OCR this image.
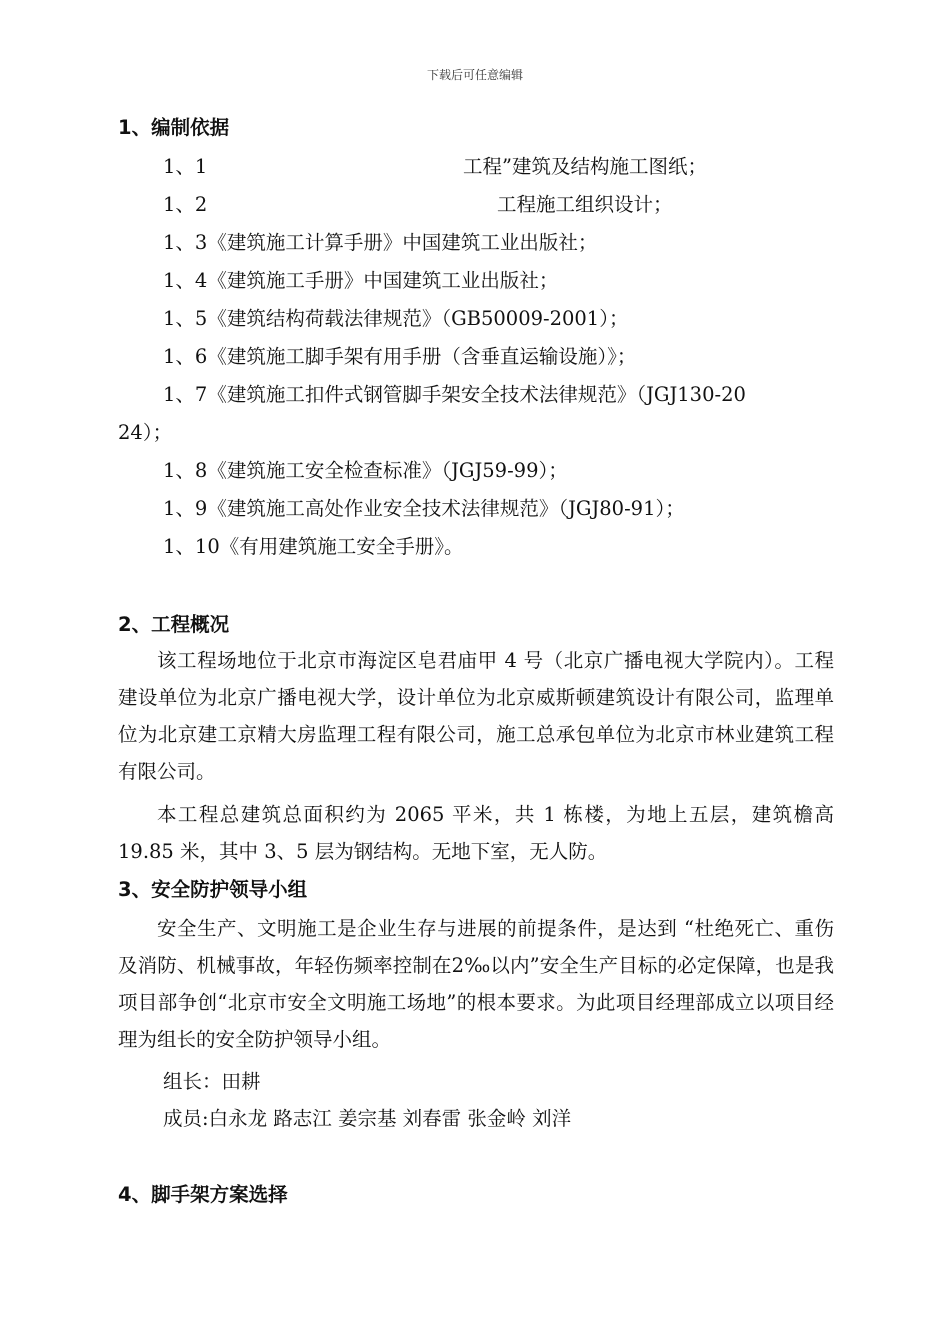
下载后可任意编辑
1、编制依据
1、1	工程”建筑及结构施工图纸；
1、2	工程施工组织设计；
1、3《建筑施工计算手册》中国建筑工业出版社；
1、4《建筑施工手册》中国建筑工业出版社；
1、5《建筑结构荷载法律规范》（GB50009-2001）；
1、6《建筑施工脚手架有用手册（含垂直运输设施）》；
1、7《建筑施工扣件式钢管脚手架安全技术法律规范》（JGJ130-20
24）；
1、8《建筑施工安全检查标准》（JGJ59-99）；
1、9《建筑施工高处作业安全技术法律规范》（JGJ80-91）；
1、10《有用建筑施工安全手册》。
2、工程概况
该工程场地位于北京市海淀区皂君庙甲 4 号（北京广播电视大学院内）。工程建设单位为北京广播电视大学，设计单位为北京威斯顿建筑设计有限公司，监理单位为北京建工京精大房监理工程有限公司，施工总承包单位为北京市林业建筑工程有限公司。
本工程总建筑总面积约为 2065 平米，共 1 栋楼，为地上五层，建筑檐高 19.85 米，其中 3、5 层为钢结构。无地下室，无人防。
3、安全防护领导小组
安全生产、文明施工是企业生存与进展的前提条件，是达到 “杜绝死亡、重伤及消防、机械事故，年轻伤频率控制在2‰以内”安全生产目标的必定保障，也是我项目部争创“北京市安全文明施工场地”的根本要求。为此项目经理部成立以项目经理为组长的安全防护领导小组。
组长：田耕
成员:白永龙 路志江 姜宗基 刘春雷 张金岭 刘洋
4、脚手架方案选择
